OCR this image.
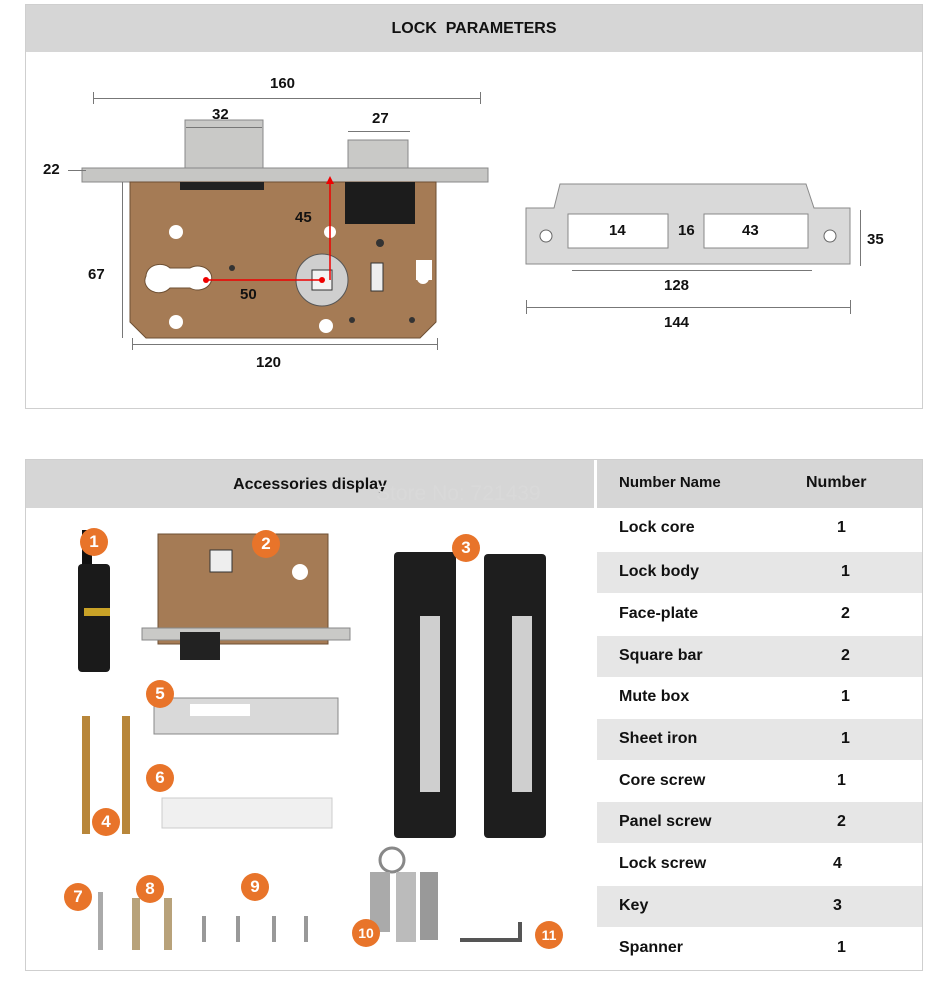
LOCK  PARAMETERS
160
32	27
22
45
67
50
120
14	16	43
35
128
144
Accessories display	Number Name	Number
Store No: 721439
1	2	3
5
6
4
7	8	9
10	11
Lock core	1
Lock body	1
Face-plate	2
Square bar	2
Mute box	1
Sheet iron	1
Core screw	1
Panel screw	2
Lock screw	4
Key	3
Spanner	1
